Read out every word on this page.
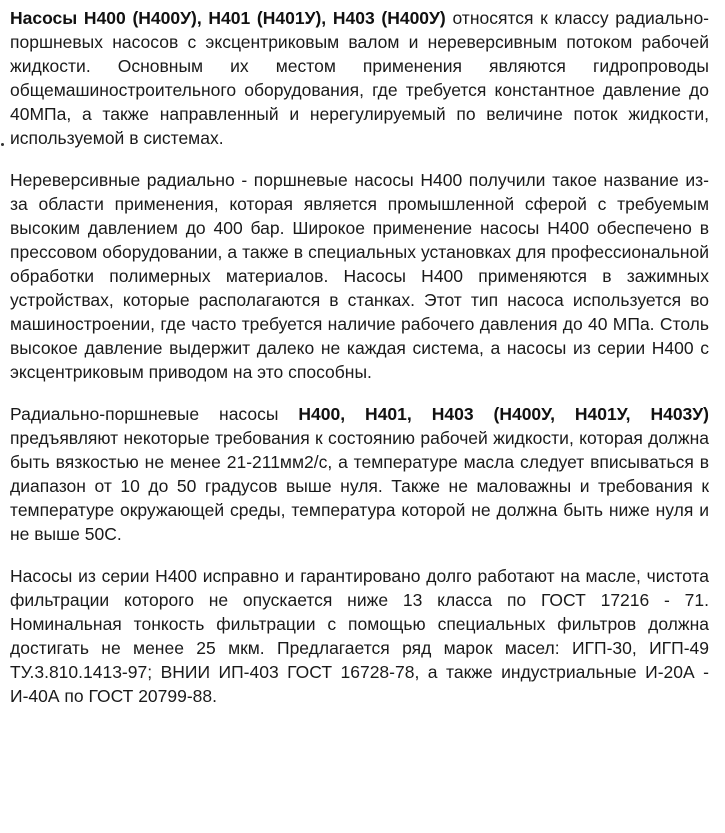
Насосы Н400 (Н400У), Н401 (Н401У), Н403 (Н400У) относятся к классу радиально-поршневых насосов с эксцентриковым валом и нереверсивным потоком рабочей жидкости. Основным их местом применения являются гидропроводы общемашиностроительного оборудования, где требуется константное давление до 40МПа, а также направленный и нерегулируемый по величине поток жидкости, используемой в системах.

Нереверсивные радиально - поршневые насосы Н400 получили такое название из-за области применения, которая является промышленной сферой с требуемым высоким давлением до 400 бар. Широкое применение насосы Н400 обеспечено в прессовом оборудовании, а также в специальных установках для профессиональной обработки полимерных материалов. Насосы Н400 применяются в зажимных устройствах, которые располагаются в станках. Этот тип насоса используется во машиностроении, где часто требуется наличие рабочего давления до 40 МПа. Столь высокое давление выдержит далеко не каждая система, а насосы из серии Н400 с эксцентриковым приводом на это способны.

Радиально-поршневые насосы Н400, Н401, Н403 (Н400У, Н401У, Н403У) предъявляют некоторые требования к состоянию рабочей жидкости, которая должна быть вязкостью не менее 21-211мм2/с, а температуре масла следует вписываться в диапазон от 10 до 50 градусов выше нуля. Также не маловажны и требования к температуре окружающей среды, температура которой не должна быть ниже нуля и не выше 50С.

Насосы из серии Н400 исправно и гарантировано долго работают на масле, чистота фильтрации которого не опускается ниже 13 класса по ГОСТ 17216 - 71. Номинальная тонкость фильтрации с помощью специальных фильтров должна достигать не менее 25 мкм. Предлагается ряд марок масел: ИГП-30, ИГП-49 ТУ.3.810.1413-97; ВНИИ ИП-403 ГОСТ 16728-78, а также индустриальные И-20А - И-40А по ГОСТ 20799-88.
